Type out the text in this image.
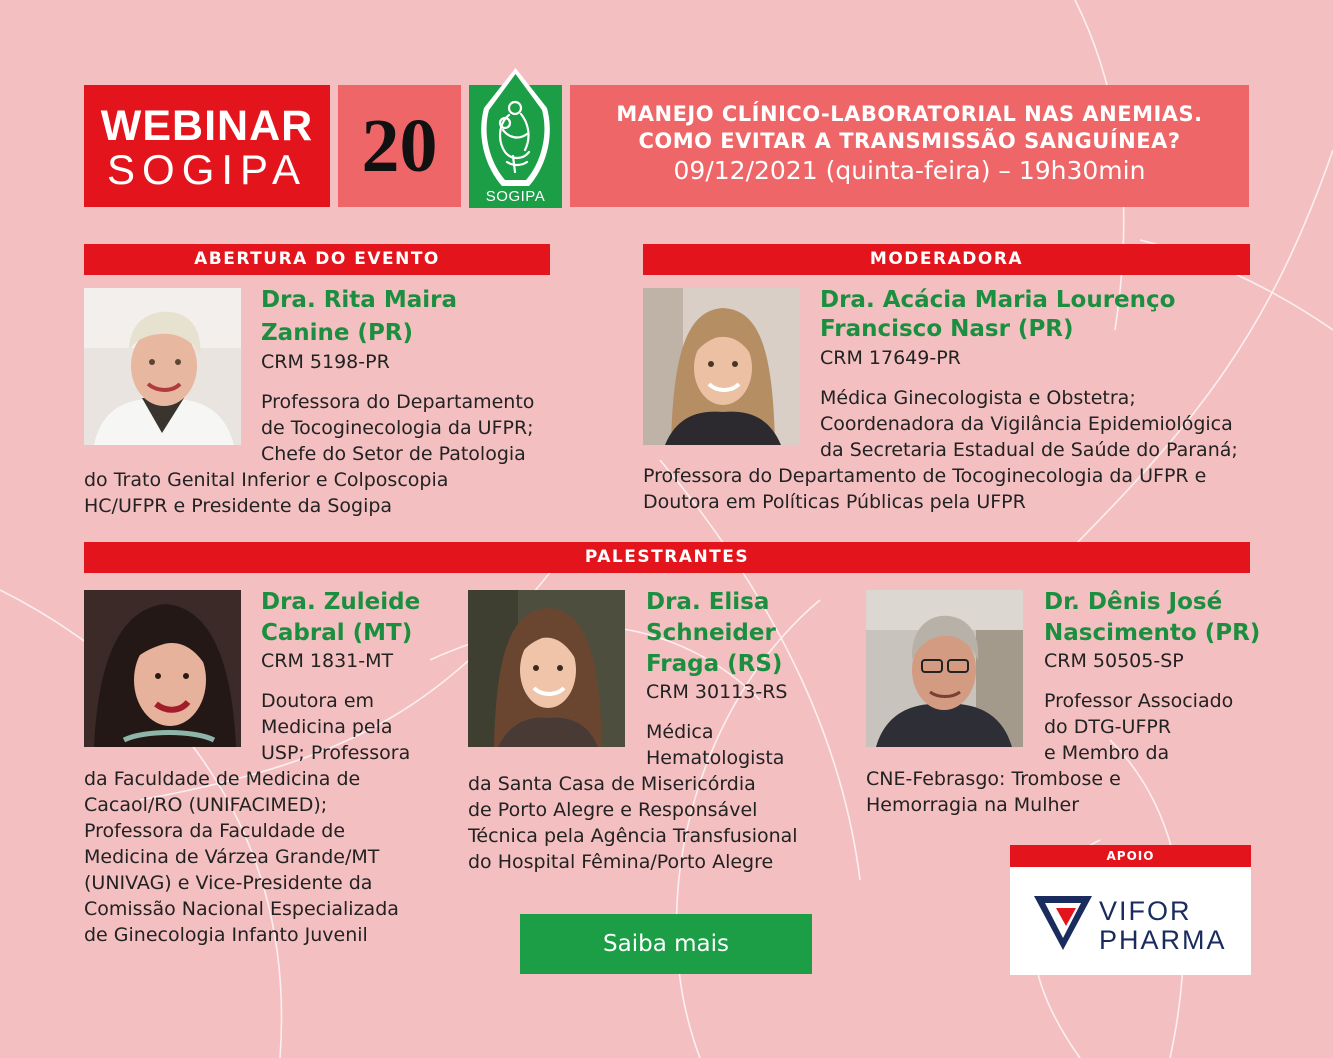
WEBINAR
SOGIPA 20
SOGIPA
MANEJO CLÍNICO-LABORATORIAL NAS ANEMIAS.
COMO EVITAR A TRANSMISSÃO SANGUÍNEA?
09/12/2021 (quinta-feira) – 19h30min
ABERTURA DO EVENTO
Dra. Rita Maira
Zanine (PR)
CRM 5198-PR
Professora do Departamento
de Tocoginecologia da UFPR;
Chefe do Setor de Patologia
do Trato Genital Inferior e Colposcopia
HC/UFPR e Presidente da Sogipa
MODERADORA
Dra. Acácia Maria Lourenço
Francisco Nasr (PR)
CRM 17649-PR
Médica Ginecologista e Obstetra;
Coordenadora da Vigilância Epidemiológica
da Secretaria Estadual de Saúde do Paraná;
Professora do Departamento de Tocoginecologia da UFPR e
Doutora em Políticas Públicas pela UFPR
PALESTRANTES
Dra. Zuleide
Cabral (MT)
CRM 1831-MT
Doutora em
Medicina pela
USP; Professora
da Faculdade de Medicina de
Cacaol/RO (UNIFACIMED);
Professora da Faculdade de
Medicina de Várzea Grande/MT
(UNIVAG) e Vice-Presidente da
Comissão Nacional Especializada
de Ginecologia Infanto Juvenil
Dra. Elisa
Schneider
Fraga (RS)
CRM 30113-RS
Médica
Hematologista
da Santa Casa de Misericórdia
de Porto Alegre e Responsável
Técnica pela Agência Transfusional
do Hospital Fêmina/Porto Alegre
Dr. Dênis José
Nascimento (PR)
CRM 50505-SP
Professor Associado
do DTG-UFPR
e Membro da
CNE-Febrasgo: Trombose e
Hemorragia na Mulher
Saiba mais
APOIO
VIFOR
PHARMA
